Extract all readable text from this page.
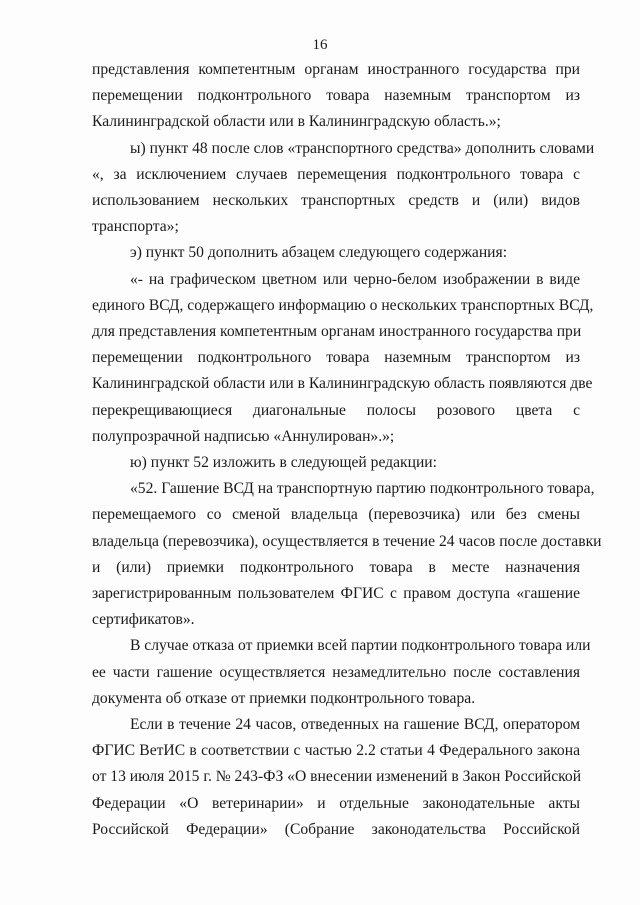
16

представления компетентным органам иностранного государства при
перемещении подконтрольного товара наземным транспортом из
Калининградской области или в Калининградскую область.»;

ы) пункт 48 после слов «транспортного средства» дополнить словами
«, за исключением случаев перемещения подконтрольного товара с
использованием нескольких транспортных средств и (или) видов
транспорта»;

э) пункт 50 дополнить абзацем следующего содержания:

«- на графическом цветном или черно-белом изображении в виде
единого ВСД, содержащего информацию о нескольких транспортных ВСД,
для представления компетентным органам иностранного государства при
перемещении подконтрольного товара наземным транспортом из
Калининградской области или в Калининградскую область появляются две
перекрещивающиеся диагональные полосы розового цвета с
полупрозрачной надписью «Аннулирован».»;

ю) пункт 52 изложить в следующей редакции:

«52. Гашение ВСД на транспортную партию подконтрольного товара,
перемещаемого со сменой владельца (перевозчика) или без смены
владельца (перевозчика), осуществляется в течение 24 часов после доставки
и (или) приемки подконтрольного товара в месте назначения
зарегистрированным пользователем ФГИС с правом доступа «гашение
сертификатов».

В случае отказа от приемки всей партии подконтрольного товара или
ее части гашение осуществляется незамедлительно после составления
документа об отказе от приемки подконтрольного товара.

Если в течение 24 часов, отведенных на гашение ВСД, оператором
ФГИС ВетИС в соответствии с частью 2.2 статьи 4 Федерального закона
от 13 июля 2015 г. № 243-ФЗ «О внесении изменений в Закон Российской
Федерации «О ветеринарии» и отдельные законодательные акты
Российской Федерации» (Собрание законодательства Российской
